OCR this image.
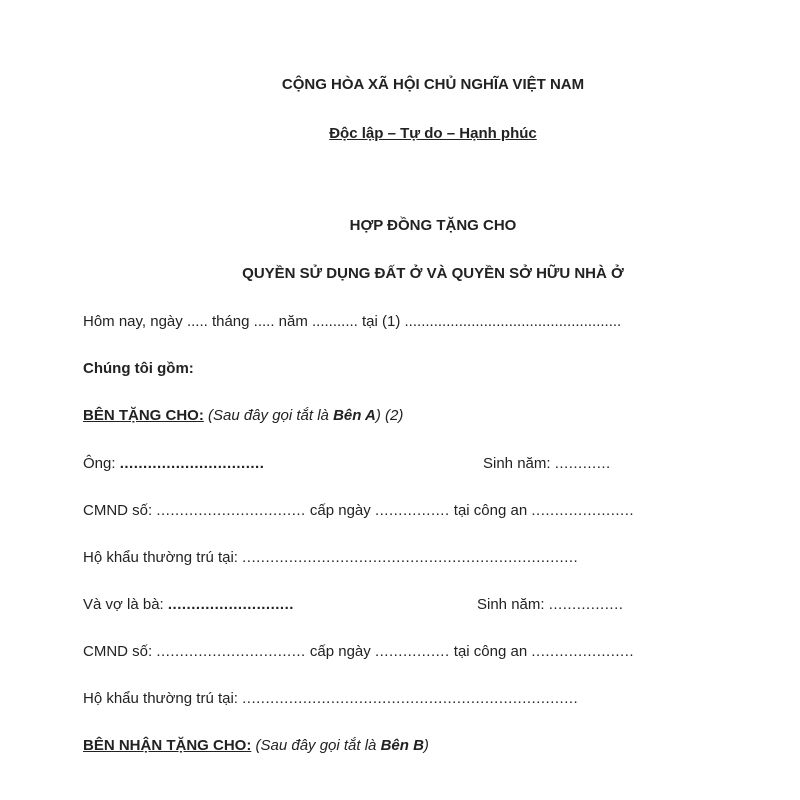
CỘNG HÒA XÃ HỘI CHỦ NGHĨA VIỆT NAM
Độc lập – Tự do – Hạnh phúc
HỢP ĐỒNG TẶNG CHO
QUYỀN SỬ DỤNG ĐẤT Ở VÀ QUYỀN SỞ HỮU NHÀ Ở
Hôm nay, ngày ..... tháng ..... năm ........... tại (1) ....................................................
Chúng tôi gồm:
BÊN TẶNG CHO: (Sau đây gọi tắt là Bên A) (2)
Ông: ...............................	Sinh năm: ............
CMND số: ................................ cấp ngày ................ tại công an ......................
Hộ khẩu thường trú tại: ........................................................................
Và vợ là bà: ...........................	Sinh năm: ................
CMND số: ................................ cấp ngày ................ tại công an ......................
Hộ khẩu thường trú tại: ........................................................................
BÊN NHẬN TẶNG CHO: (Sau đây gọi tắt là Bên B)
